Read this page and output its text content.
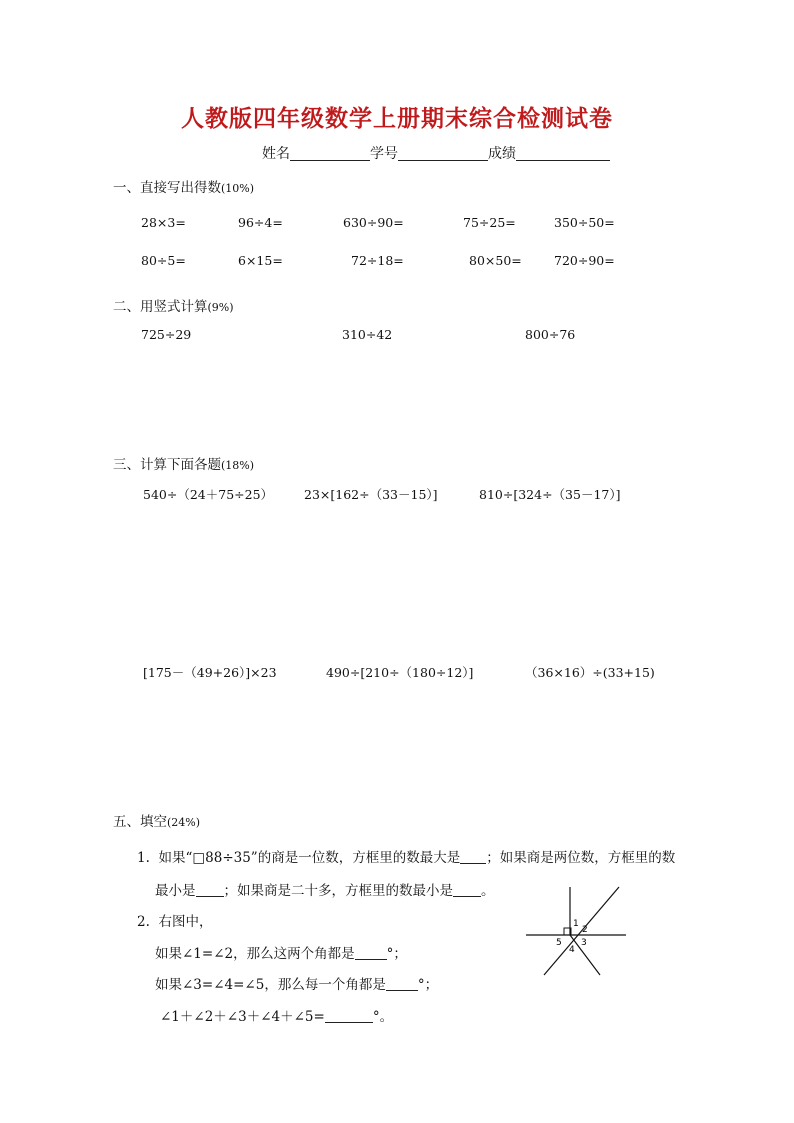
人教版四年级数学上册期末综合检测试卷
姓名	学号	成绩
一、直接写出得数(10%)
28×3=	96÷4=	630÷90=	75÷25=	350÷50=
80÷5=	6×15=	72÷18=	80×50=	720÷90=
二、用竖式计算(9%)
725÷29	310÷42	800÷76
三、计算下面各题(18%)
540÷（24＋75÷25） 23×[162÷（33－15）]	810÷[324÷（35－17）]
[175－（49+26）]×23	490÷[210÷（180÷12）]	（36×16）÷(33+15)
五、填空(24%)
1. 如果“□88÷35”的商是一位数，方框里的数最大是 ；如果商是两位数，方框里的数
最小是 ；如果商是二十多，方框里的数最小是 。
2. 右图中，
如果∠1=∠2，那么这两个角都是 °；
如果∠3=∠4=∠5，那么每一个角都是 °；
∠1＋∠2＋∠3＋∠4＋∠5=	°。
1
2
3
4
5
